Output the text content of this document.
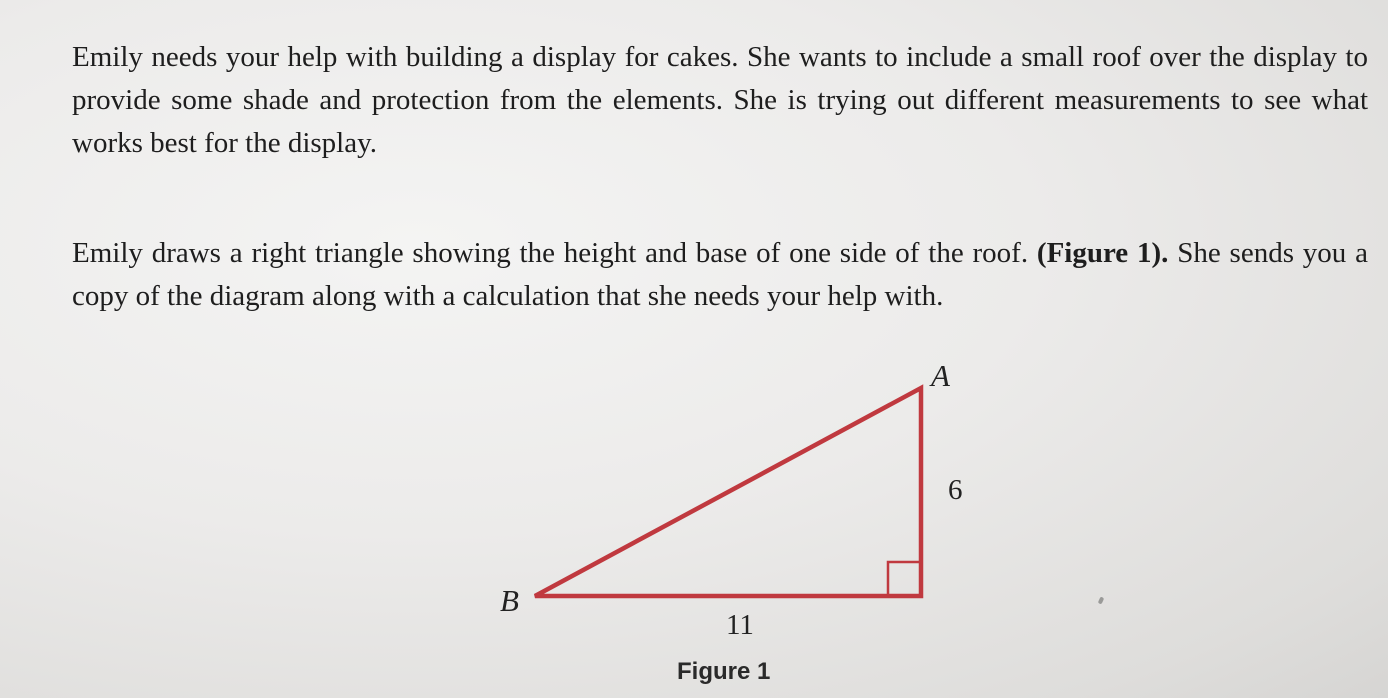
Emily needs your help with building a display for cakes. She wants to include a small roof over the display to provide some shade and protection from the elements. She is trying out different measurements to see what works best for the display.

Emily draws a right triangle showing the height and base of one side of the roof. (Figure 1). She sends you a copy of the diagram along with a calculation that she needs your help with.

A
B
6
11
Figure 1
